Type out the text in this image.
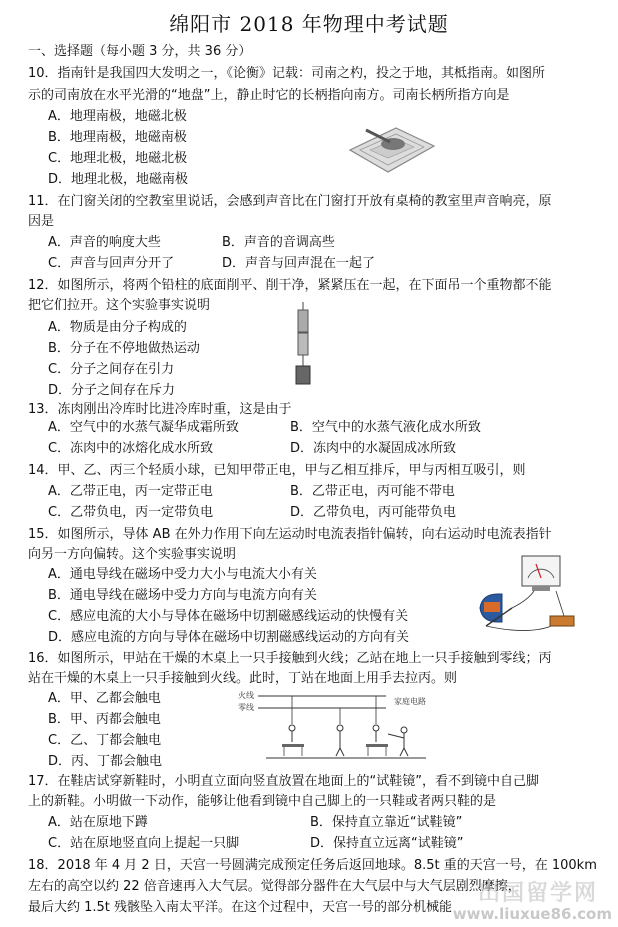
绵阳市 2018 年物理中考试题
一、选择题（每小题 3 分，共 36 分）
10．指南针是我国四大发明之一，《论衡》记载：司南之杓，投之于地，其柢指南。如图所
示的司南放在水平光滑的“地盘”上，静止时它的长柄指向南方。司南长柄所指方向是
A．地理南极，地磁北极
B．地理南极，地磁南极
C．地理北极，地磁北极
D．地理北极，地磁南极
11．在门窗关闭的空教室里说话，会感到声音比在门窗打开放有桌椅的教室里声音响亮，原
因是
A．声音的响度大些	B．声音的音调高些
C．声音与回声分开了	D．声音与回声混在一起了
12．如图所示，将两个铅柱的底面削平、削干净，紧紧压在一起，在下面吊一个重物都不能
把它们拉开。这个实验事实说明
A．物质是由分子构成的
B．分子在不停地做热运动
C．分子之间存在引力
D．分子之间存在斥力
13．冻肉刚出冷库时比进冷库时重，这是由于
A．空气中的水蒸气凝华成霜所致	B．空气中的水蒸气液化成水所致
C．冻肉中的冰熔化成水所致	D．冻肉中的水凝固成冰所致
14．甲、乙、丙三个轻质小球，已知甲带正电，甲与乙相互排斥，甲与丙相互吸引，则
A．乙带正电，丙一定带正电	B．乙带正电，丙可能不带电
C．乙带负电，丙一定带负电	D．乙带负电，丙可能带负电
15．如图所示，导体 AB 在外力作用下向左运动时电流表指针偏转，向右运动时电流表指针
向另一方向偏转。这个实验事实说明
A．通电导线在磁场中受力大小与电流大小有关
B．通电导线在磁场中受力方向与电流方向有关
C．感应电流的大小与导体在磁场中切割磁感线运动的快慢有关
D．感应电流的方向与导体在磁场中切割磁感线运动的方向有关
16．如图所示，甲站在干燥的木桌上一只手接触到火线；乙站在地上一只手接触到零线；丙
站在干燥的木桌上一只手接触到火线。此时，丁站在地面上用手去拉丙。则
A．甲、乙都会触电
B．甲、丙都会触电
C．乙、丁都会触电
D．丙、丁都会触电
火线
零线
家庭电路
17．在鞋店试穿新鞋时，小明直立面向竖直放置在地面上的“试鞋镜”，看不到镜中自己脚
上的新鞋。小明做一下动作，能够让他看到镜中自己脚上的一只鞋或者两只鞋的是
A．站在原地下蹲	B．保持直立靠近“试鞋镜”
C．站在原地竖直向上提起一只脚	D．保持直立远离“试鞋镜”
18．2018 年 4 月 2 日，天宫一号圆满完成预定任务后返回地球。8.5t 重的天宫一号，在 100km
左右的高空以约 22 倍音速再入大气层。觉得部分器件在大气层中与大气层剧烈摩擦，
最后大约 1.5t 残骸坠入南太平洋。在这个过程中，天宫一号的部分机械能
出国留学网
www.liuxue86.com
